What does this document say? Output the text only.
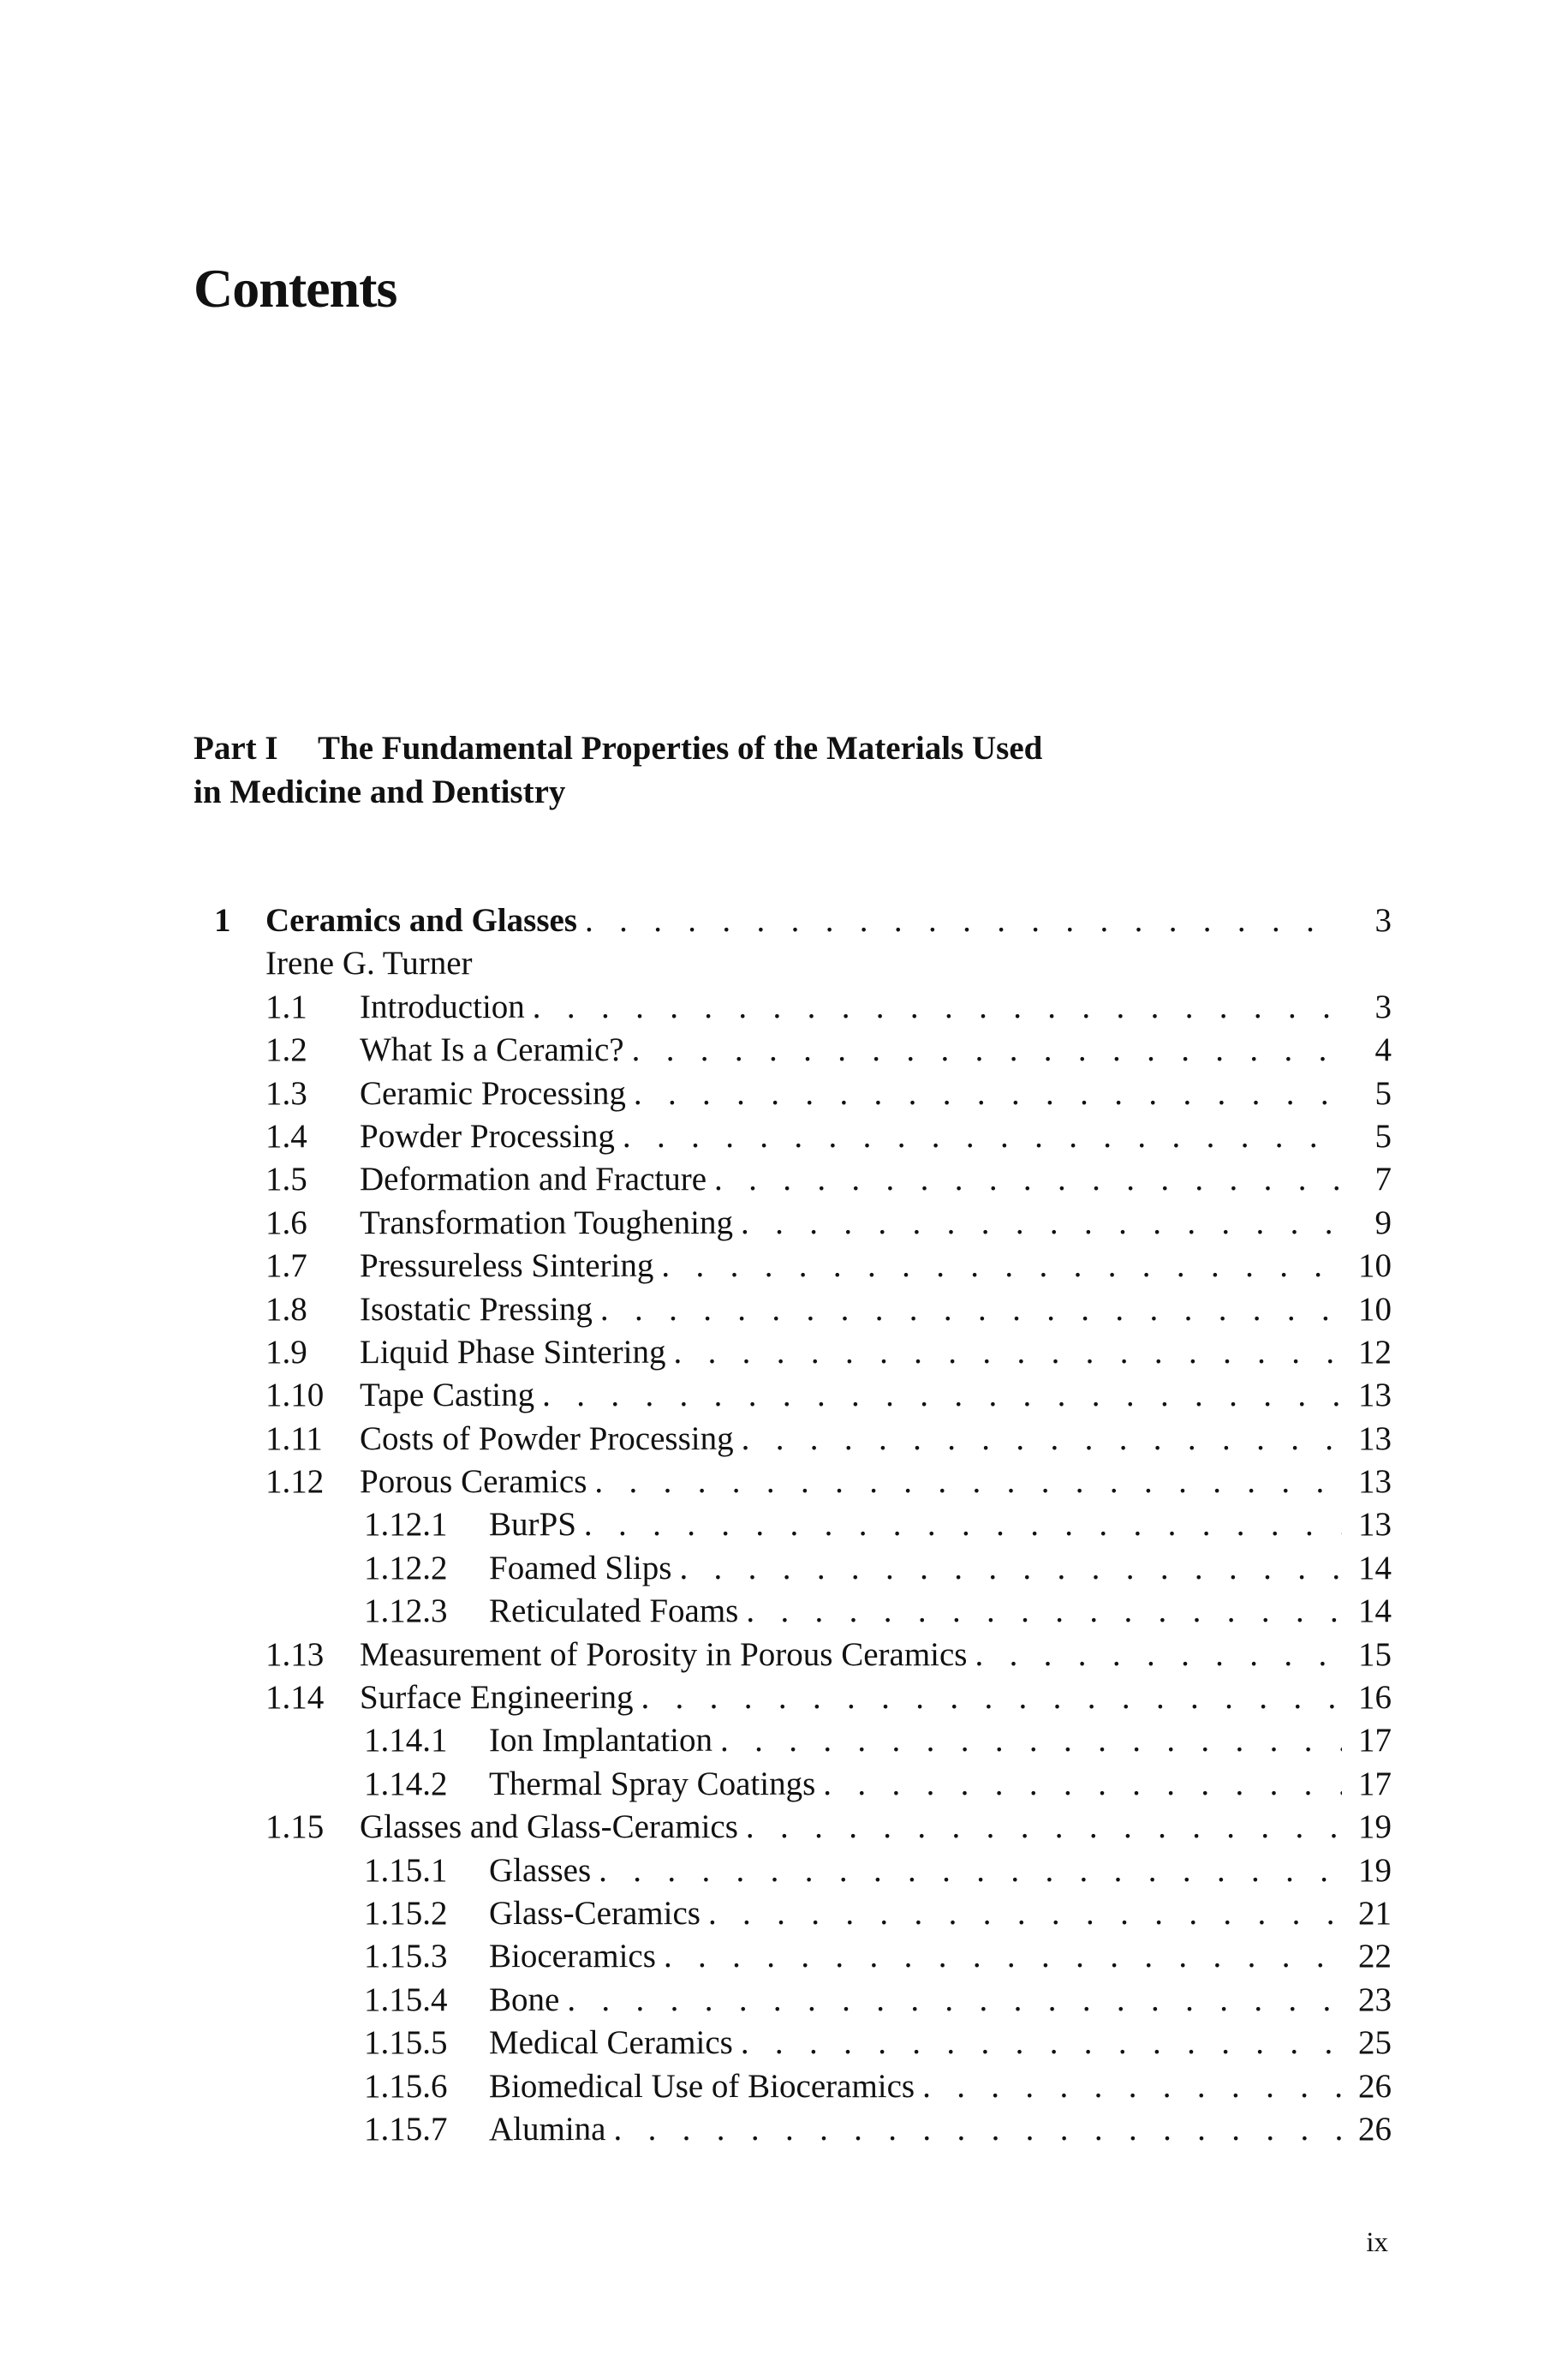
Contents
Part I The Fundamental Properties of the Materials Used
in Medicine and Dentistry
1 Ceramics and Glasses . . .	3
Irene G. Turner
1.1 Introduction . . .	3
1.2 What Is a Ceramic? . . .	4
1.3 Ceramic Processing . . .	5
1.4 Powder Processing . . .	5
1.5 Deformation and Fracture . . .	7
1.6 Transformation Toughening . . .	9
1.7 Pressureless Sintering . . .	10
1.8 Isostatic Pressing . . .	10
1.9 Liquid Phase Sintering . . .	12
1.10 Tape Casting . . .	13
1.11 Costs of Powder Processing . . .	13
1.12 Porous Ceramics . . .	13
1.12.1 BurPS . . .	13
1.12.2 Foamed Slips . . .	14
1.12.3 Reticulated Foams . . .	14
1.13 Measurement of Porosity in Porous Ceramics . . .	15
1.14 Surface Engineering . . .	16
1.14.1 Ion Implantation . . .	17
1.14.2 Thermal Spray Coatings . . .	17
1.15 Glasses and Glass-Ceramics . . .	19
1.15.1 Glasses . . .	19
1.15.2 Glass-Ceramics . . .	21
1.15.3 Bioceramics . . .	22
1.15.4 Bone . . .	23
1.15.5 Medical Ceramics . . .	25
1.15.6 Biomedical Use of Bioceramics . . .	26
1.15.7 Alumina . . .	26
ix
